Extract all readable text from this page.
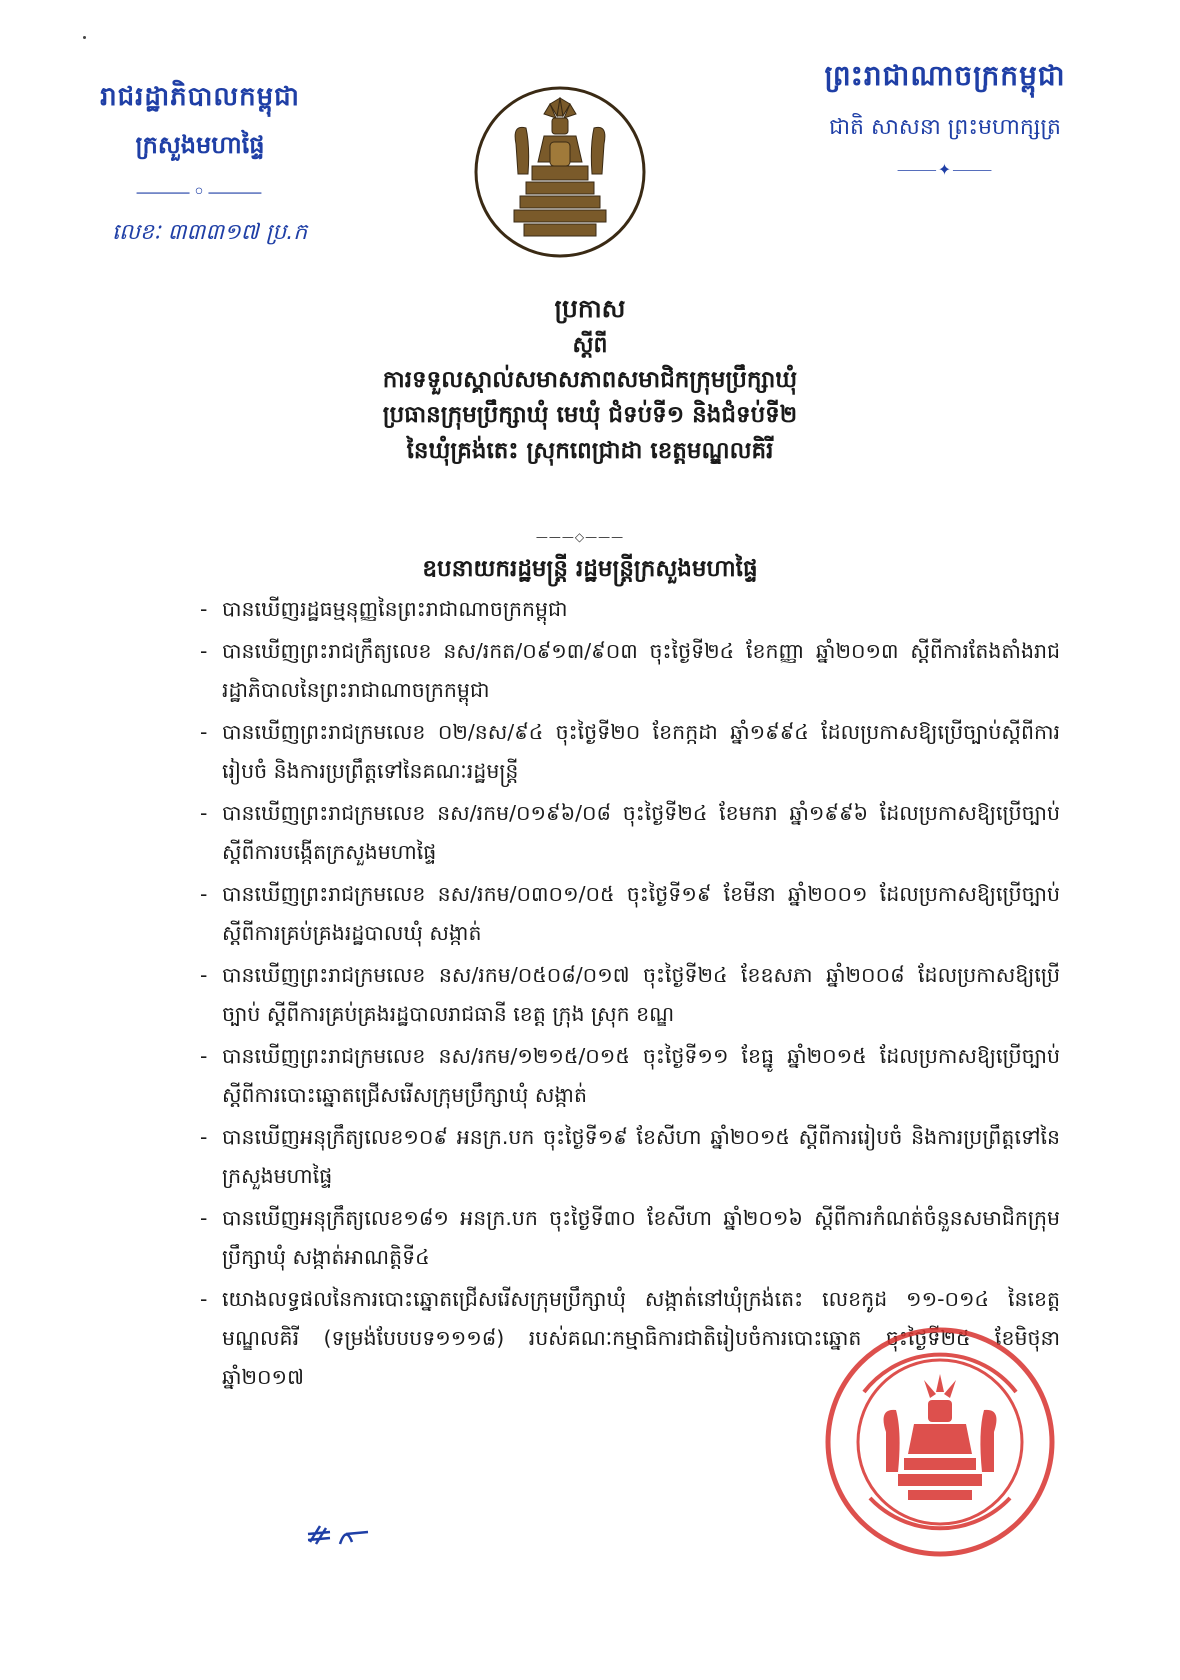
រាជរដ្ឋាភិបាលកម្ពុជា
ក្រសួងមហាផ្ទៃ
⸻◦⸻
លេខៈ ៣៣៣១៧ ប្រ.ក
ព្រះរាជាណាចក្រកម្ពុជា
ជាតិ សាសនា ព្រះមហាក្សត្រ
⸻✦⸻
ប្រកាស
ស្តីពី
ការទទួលស្គាល់សមាសភាពសមាជិកក្រុមប្រឹក្សាឃុំ
ប្រធានក្រុមប្រឹក្សាឃុំ មេឃុំ ជំទប់ទី១ និងជំទប់ទី២
នៃឃុំគ្រង់តេះ ស្រុកពេជ្រាដា ខេត្តមណ្ឌលគិរី
———◇———
ឧបនាយករដ្ឋមន្ត្រី រដ្ឋមន្ត្រីក្រសួងមហាផ្ទៃ
- បានឃើញរដ្ឋធម្មនុញ្ញនៃព្រះរាជាណាចក្រកម្ពុជា
- បានឃើញព្រះរាជក្រឹត្យលេខ នស/រកត/០៩១៣/៩០៣ ចុះថ្ងៃទី២៤ ខែកញ្ញា ឆ្នាំ២០១៣ ស្តីពីការតែងតាំងរាជរដ្ឋាភិបាលនៃព្រះរាជាណាចក្រកម្ពុជា
- បានឃើញព្រះរាជក្រមលេខ ០២/នស/៩៤ ចុះថ្ងៃទី២០ ខែកក្កដា ឆ្នាំ១៩៩៤ ដែលប្រកាសឱ្យប្រើច្បាប់ស្តីពីការរៀបចំ និងការប្រព្រឹត្តទៅនៃគណៈរដ្ឋមន្ត្រី
- បានឃើញព្រះរាជក្រមលេខ នស/រកម/០១៩៦/០៨ ចុះថ្ងៃទី២៤ ខែមករា ឆ្នាំ១៩៩៦ ដែលប្រកាសឱ្យប្រើច្បាប់ ស្តីពីការបង្កើតក្រសួងមហាផ្ទៃ
- បានឃើញព្រះរាជក្រមលេខ នស/រកម/០៣០១/០៥ ចុះថ្ងៃទី១៩ ខែមីនា ឆ្នាំ២០០១ ដែលប្រកាសឱ្យប្រើច្បាប់ ស្តីពីការគ្រប់គ្រងរដ្ឋបាលឃុំ សង្កាត់
- បានឃើញព្រះរាជក្រមលេខ នស/រកម/០៥០៨/០១៧ ចុះថ្ងៃទី២៤ ខែឧសភា ឆ្នាំ២០០៨ ដែលប្រកាសឱ្យប្រើច្បាប់ ស្តីពីការគ្រប់គ្រងរដ្ឋបាលរាជធានី ខេត្ត ក្រុង ស្រុក ខណ្ឌ
- បានឃើញព្រះរាជក្រមលេខ នស/រកម/១២១៥/០១៥ ចុះថ្ងៃទី១១ ខែធ្នូ ឆ្នាំ២០១៥ ដែលប្រកាសឱ្យប្រើច្បាប់ ស្តីពីការបោះឆ្នោតជ្រើសរើសក្រុមប្រឹក្សាឃុំ សង្កាត់
- បានឃើញអនុក្រឹត្យលេខ១០៩ អនក្រ.បក ចុះថ្ងៃទី១៩ ខែសីហា ឆ្នាំ២០១៥ ស្តីពីការរៀបចំ និងការប្រព្រឹត្តទៅនៃក្រសួងមហាផ្ទៃ
- បានឃើញអនុក្រឹត្យលេខ១៨១ អនក្រ.បក ចុះថ្ងៃទី៣០ ខែសីហា ឆ្នាំ២០១៦ ស្តីពីការកំណត់ចំនួនសមាជិកក្រុមប្រឹក្សាឃុំ សង្កាត់អាណត្តិទី៤
- យោងលទ្ធផលនៃការបោះឆ្នោតជ្រើសរើសក្រុមប្រឹក្សាឃុំ សង្កាត់នៅឃុំក្រង់តេះ លេខកូដ ១១-០១៤ នៃខេត្តមណ្ឌលគិរី (ទម្រង់បែបបទ១១១៨) របស់គណៈកម្មាធិការជាតិរៀបចំការបោះឆ្នោត ចុះថ្ងៃទី២៥ ខែមិថុនា ឆ្នាំ២០១៧
